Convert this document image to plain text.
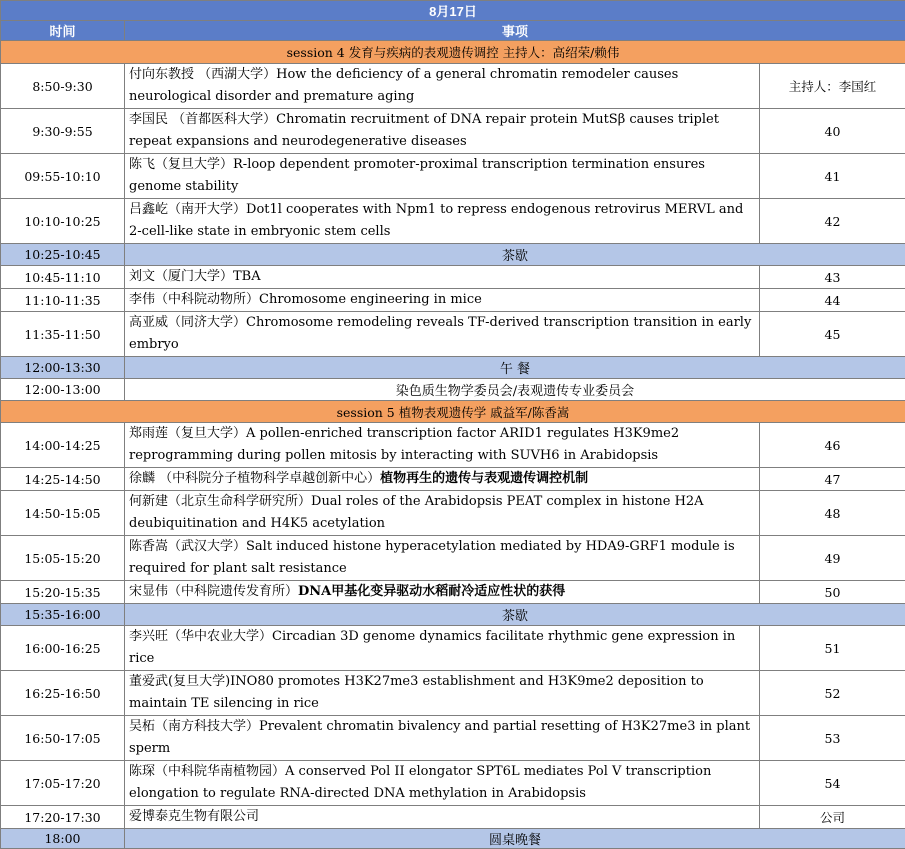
8月17日		
时间	事项	
session 4 发育与疾病的表观遗传调控 主持人：高绍荣/赖伟		
8:50-9:30	付向东教授 （西湖大学）How the deficiency of a general chromatin remodeler causes neurological disorder and premature aging	主持人：李国红
9:30-9:55	李国民 （首都医科大学）Chromatin recruitment of DNA repair protein MutSβ causes triplet repeat expansions and neurodegenerative diseases	40
09:55-10:10	陈飞（复旦大学）R-loop dependent promoter-proximal transcription termination ensures genome stability	41
10:10-10:25	吕鑫屹（南开大学）Dot1l cooperates with Npm1 to repress endogenous retrovirus MERVL and 2-cell-like state in embryonic stem cells	42
10:25-10:45	茶歇	
10:45-11:10	刘文（厦门大学）TBA	43
11:10-11:35	李伟（中科院动物所）Chromosome engineering in mice	44
11:35-11:50	高亚威（同济大学）Chromosome remodeling reveals TF-derived transcription transition in early embryo	45
12:00-13:30	午 餐	
12:00-13:00	染色质生物学委员会/表观遗传专业委员会	
session 5 植物表观遗传学 戚益军/陈香嵩		
14:00-14:25	郑雨莲（复旦大学）A pollen-enriched transcription factor ARID1 regulates H3K9me2 reprogramming during pollen mitosis by interacting with SUVH6 in Arabidopsis	46
14:25-14:50	徐麟 （中科院分子植物科学卓越创新中心）植物再生的遗传与表观遗传调控机制	47
14:50-15:05	何新建（北京生命科学研究所）Dual roles of the Arabidopsis PEAT complex in histone H2A deubiquitination and H4K5 acetylation	48
15:05-15:20	陈香嵩（武汉大学）Salt induced histone hyperacetylation mediated by HDA9-GRF1 module is required for plant salt resistance	49
15:20-15:35	宋显伟（中科院遗传发育所）DNA甲基化变异驱动水稻耐冷适应性状的获得	50
15:35-16:00	茶歇	
16:00-16:25	李兴旺（华中农业大学）Circadian 3D genome dynamics facilitate rhythmic gene expression in rice	51
16:25-16:50	董爱武(复旦大学)INO80 promotes H3K27me3 establishment and H3K9me2 deposition to maintain TE silencing in rice	52
16:50-17:05	吴柘（南方科技大学）Prevalent chromatin bivalency and partial resetting of H3K27me3 in plant sperm	53
17:05-17:20	陈琛（中科院华南植物园）A conserved Pol II elongator SPT6L mediates Pol V transcription elongation to regulate RNA-directed DNA methylation in Arabidopsis	54
17:20-17:30	爱博泰克生物有限公司	公司
18:00	圆桌晚餐	
